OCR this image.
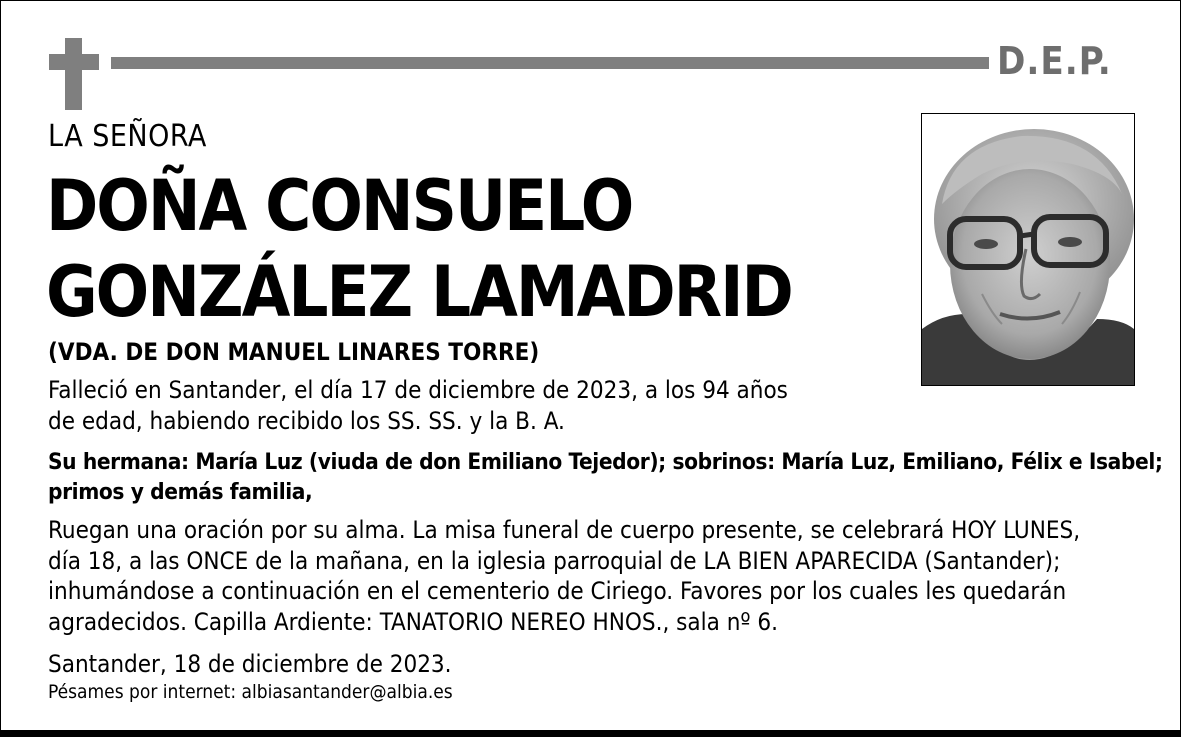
D.E.P.
LA SEÑORA
DOÑA CONSUELO
GONZÁLEZ LAMADRID
(VDA. DE DON MANUEL LINARES TORRE)
Falleció en Santander, el día 17 de diciembre de 2023, a los 94 años
de edad, habiendo recibido los SS. SS. y la B. A.
Su hermana: María Luz (viuda de don Emiliano Tejedor); sobrinos: María Luz, Emiliano, Félix e Isabel;
primos y demás familia,
Ruegan una oración por su alma. La misa funeral de cuerpo presente, se celebrará HOY LUNES,
día 18, a las ONCE de la mañana, en la iglesia parroquial de LA BIEN APARECIDA (Santander);
inhumándose a continuación en el cementerio de Ciriego. Favores por los cuales les quedarán
agradecidos. Capilla Ardiente: TANATORIO NEREO HNOS., sala nº 6.
Santander, 18 de diciembre de 2023.
Pésames por internet: albiasantander@albia.es
